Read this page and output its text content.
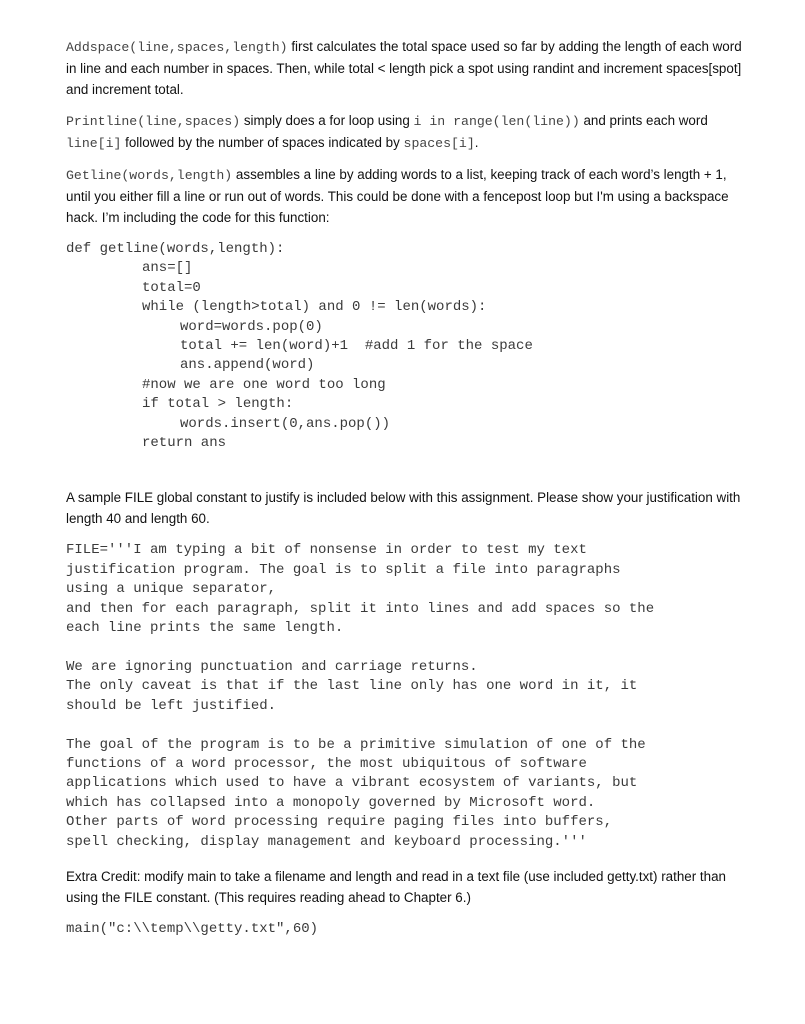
Addspace(line,spaces,length) first calculates the total space used so far by adding the length of each word in line and each number in spaces. Then, while total < length pick a spot using randint and increment spaces[spot] and increment total.

Printline(line,spaces) simply does a for loop using i in range(len(line)) and prints each word line[i] followed by the number of spaces indicated by spaces[i].

Getline(words,length) assembles a line by adding words to a list, keeping track of each word’s length + 1, until you either fill a line or run out of words. This could be done with a fencepost loop but I'm using a backspace hack. I’m including the code for this function:

def getline(words,length):
ans=[]
total=0
while (length>total) and 0 != len(words):
word=words.pop(0)
total += len(word)+1  #add 1 for the space
ans.append(word)
#now we are one word too long
if total > length:
words.insert(0,ans.pop())
return ans

A sample FILE global constant to justify is included below with this assignment. Please show your justification with length 40 and length 60.

FILE='''I am typing a bit of nonsense in order to test my text
justification program. The goal is to split a file into paragraphs
using a unique separator,
and then for each paragraph, split it into lines and add spaces so the
each line prints the same length.
We are ignoring punctuation and carriage returns.
The only caveat is that if the last line only has one word in it, it
should be left justified.
The goal of the program is to be a primitive simulation of one of the
functions of a word processor, the most ubiquitous of software
applications which used to have a vibrant ecosystem of variants, but
which has collapsed into a monopoly governed by Microsoft word.
Other parts of word processing require paging files into buffers,
spell checking, display management and keyboard processing.'''

Extra Credit: modify main to take a filename and length and read in a text file (use included getty.txt) rather than using the FILE constant. (This requires reading ahead to Chapter 6.)

main("c:\\temp\\getty.txt",60)
